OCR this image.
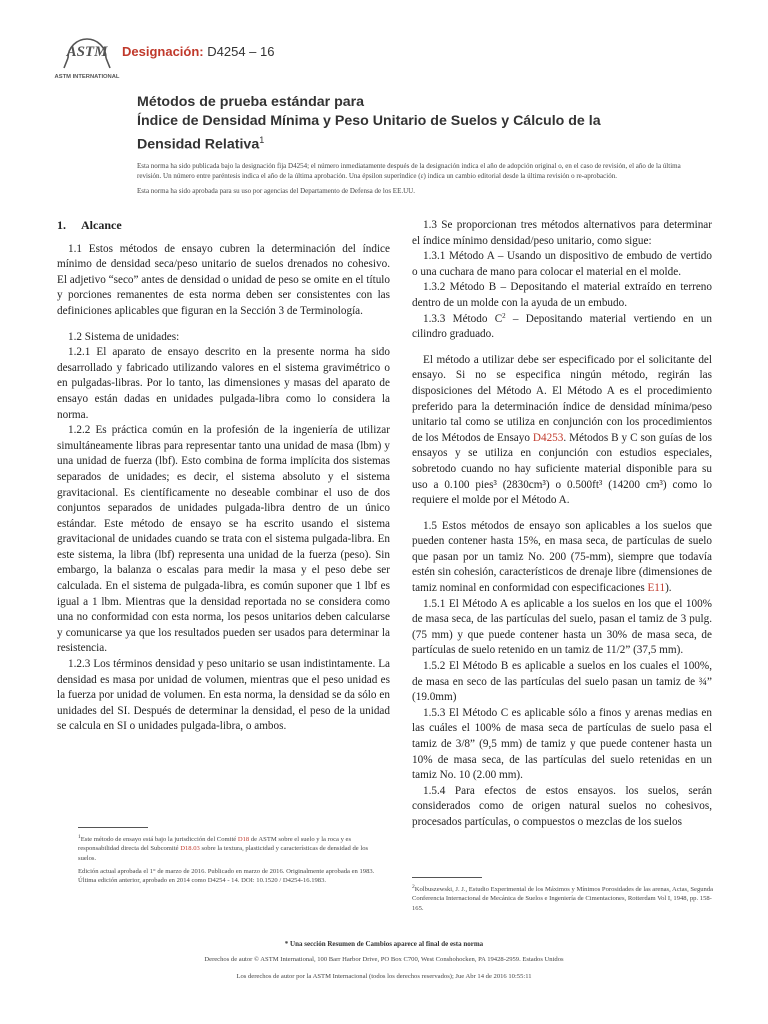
ASTM
ASTM INTERNATIONAL
Designación: D4254 – 16
Métodos de prueba estándar para
Índice de Densidad Mínima y Peso Unitario de Suelos y Cálculo de la
Densidad Relativa$^1$

Esta norma ha sido publicada bajo la designación fija D4254; el número inmediatamente después de la designación indica el año de adopción original o, en el caso de revisión, el año de la última revisión. Un número entre paréntesis indica el año de la última aprobación. Una épsilon superíndice (ε) indica un cambio editorial desde la última revisión o re-aprobación.

Esta norma ha sido aprobada para su uso por agencias del Departamento de Defensa de los EE.UU.

1.	Alcance

1.1 Estos métodos de ensayo cubren la determinación del índice mínimo de densidad seca/peso unitario de suelos drenados no cohesivo. El adjetivo “seco” antes de densidad o unidad de peso se omite en el título y porciones remanentes de esta norma deben ser consistentes con las definiciones aplicables que figuran en la Sección 3 de Terminología.

1.2 Sistema de unidades:

1.2.1 El aparato de ensayo descrito en la presente norma ha sido desarrollado y fabricado utilizando valores en el sistema gravimétrico o en pulgadas-libras. Por lo tanto, las dimensiones y masas del aparato de ensayo están dadas en unidades pulgada-libra como lo considera la norma.

1.2.2 Es práctica común en la profesión de la ingeniería de utilizar simultáneamente libras para representar tanto una unidad de masa (lbm) y una unidad de fuerza (lbf). Esto combina de forma implícita dos sistemas separados de unidades; es decir, el sistema absoluto y el sistema gravitacional. Es científicamente no deseable combinar el uso de dos conjuntos separados de unidades pulgada-libra dentro de un único estándar. Este método de ensayo se ha escrito usando el sistema gravitacional de unidades cuando se trata con el sistema pulgada-libra. En este sistema, la libra (lbf) representa una unidad de la fuerza (peso). Sin embargo, la balanza o escalas para medir la masa y el peso debe ser calculada. En el sistema de pulgada-libra, es común suponer que 1 lbf es igual a 1 lbm. Mientras que la densidad reportada no se considera como una no conformidad con esta norma, los pesos unitarios deben calcularse y comunicarse ya que los resultados pueden ser usados para determinar la resistencia.

1.2.3 Los términos densidad y peso unitario se usan indistintamente. La densidad es masa por unidad de volumen, mientras que el peso unidad es la fuerza por unidad de volumen. En esta norma, la densidad se da sólo en unidades del SI. Después de determinar la densidad, el peso de la unidad se calcula en SI o unidades pulgada-libra, o ambos.

1.3 Se proporcionan tres métodos alternativos para determinar el índice mínimo densidad/peso unitario, como sigue:

1.3.1 Método A – Usando un dispositivo de embudo de vertido o una cuchara de mano para colocar el material en el molde.

1.3.2 Método B – Depositando el material extraído en terreno dentro de un molde con la ayuda de un embudo.

1.3.3 Método $C^2$ – Depositando material vertiendo en un cilindro graduado.

El método a utilizar debe ser especificado por el solicitante del ensayo. Si no se especifica ningún método, regirán las disposiciones del Método A. El Método A es el procedimiento preferido para la determinación índice de densidad mínima/peso unitario tal como se utiliza en conjunción con los procedimientos de los Métodos de Ensayo D4253. Métodos B y C son guías de los ensayos y se utiliza en conjunción con estudios especiales, sobretodo cuando no hay suficiente material disponible para su uso a 0.100 pies³ (2830cm³) o 0.500ft³ (14200 cm³) como lo requiere el molde por el Método A.

1.5 Estos métodos de ensayo son aplicables a los suelos que pueden contener hasta 15%, en masa seca, de partículas de suelo que pasan por un tamiz No. 200 (75-mm), siempre que todavía estén sin cohesión, característicos de drenaje libre (dimensiones de tamiz nominal en conformidad con especificaciones E11).

1.5.1 El Método A es aplicable a los suelos en los que el 100% de masa seca, de las partículas del suelo, pasan el tamiz de 3 pulg. (75 mm) y que puede contener hasta un 30% de masa seca, de partículas de suelo retenido en un tamiz de 11/2” (37,5 mm).

1.5.2 El Método B es aplicable a suelos en los cuales el 100%, de masa en seco de las partículas del suelo pasan un tamiz de ¾” (19.0mm)

1.5.3 El Método C es aplicable sólo a finos y arenas medias en las cuáles el 100% de masa seca de partículas de suelo pasa el tamiz de 3/8” (9,5 mm) de tamiz y que puede contener hasta un 10% de masa seca, de las partículas del suelo retenidas en un tamiz No. 10 (2.00 mm).

1.5.4 Para efectos de estos ensayos. los suelos, serán considerados como de origen natural suelos no cohesivos, procesados partículas, o compuestos o mezclas de los suelos

$^1$Este método de ensayo está bajo la jurisdicción del Comité D18 de ASTM sobre el suelo y la roca y es responsabilidad directa del Subcomité D18.03 sobre la textura, plasticidad y características de densidad de los suelos.

Edición actual aprobada el 1° de marzo de 2016. Publicado en marzo de 2016. Originalmente aprobada en 1983. Última edición anterior, aprobado en 2014 como D4254 - 14. DOI: 10.1520 / D4254-16.1983.

$^2$Kolbuszewski, J. J., Estudio Experimental de los Máximos y Mínimos Porosidades de las arenas, Actas, Segunda Conferencia Internacional de Mecánica de Suelos e Ingeniería de Cimentaciones, Rotterdam Vol I, 1948, pp. 158-165.

* Una sección Resumen de Cambios aparece al final de esta norma

Derechos de autor © ASTM International, 100 Barr Harbor Drive, PO Box C700, West Conshohocken, PA 19428-2959. Estados Unidos

Los derechos de autor por la ASTM Internacional (todos los derechos reservados); Jue Abr 14 de 2016 10:55:11
